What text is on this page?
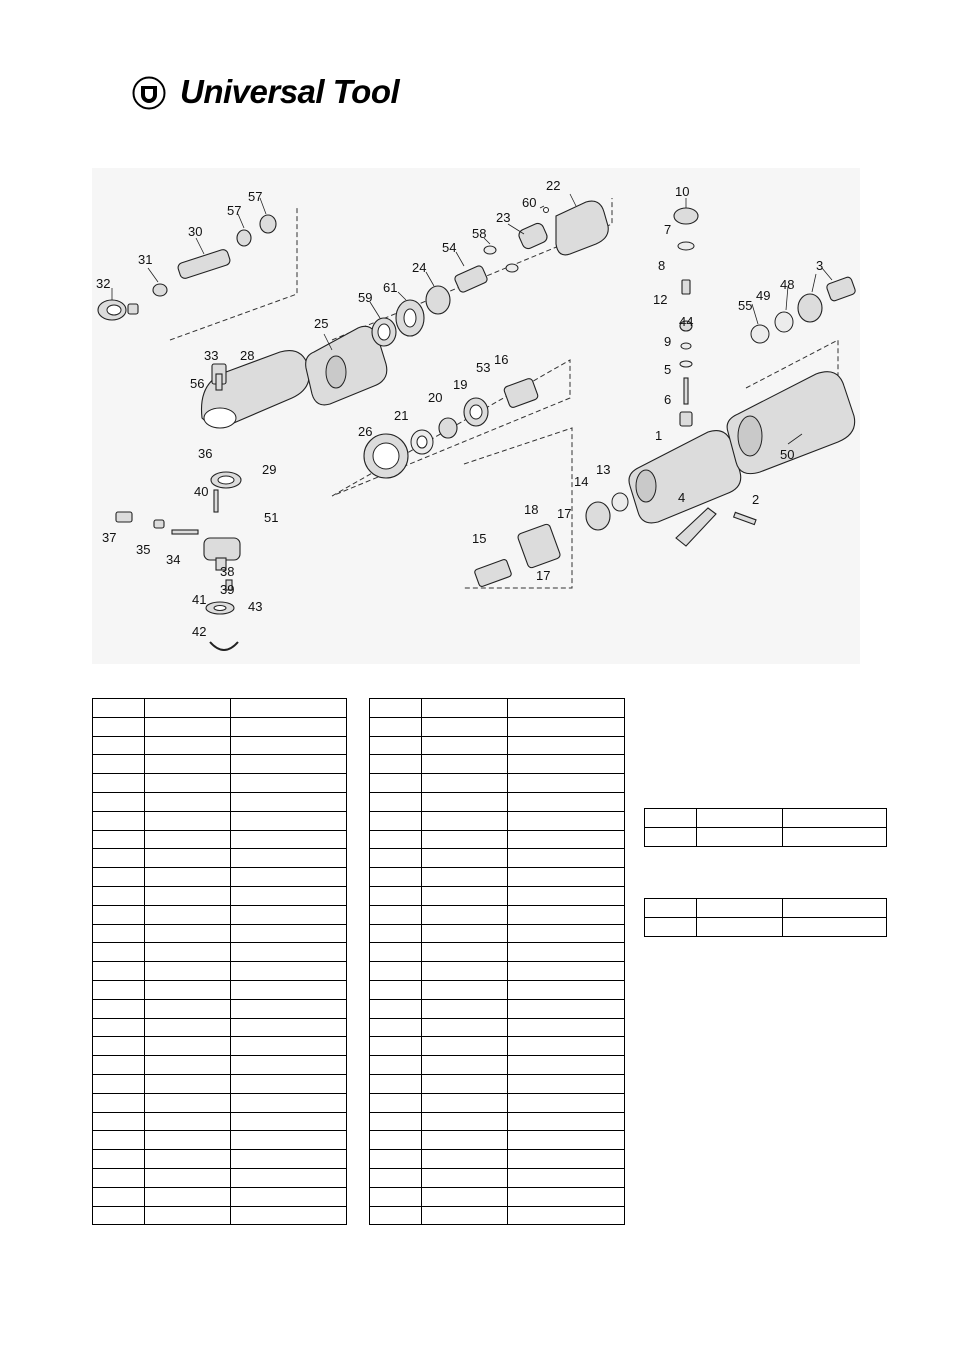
Universal Tool
1
2
3
4
5
6
7
8
9
10
12
13
14
15
16
17
17
18
19
20
21
22
23
24
25
26
28
29
30
31
32
33
34
35
36
37
38
39
40
41
42
43
44
48
49
50
51
53
54
55
56
57
57
58
59
60
61
